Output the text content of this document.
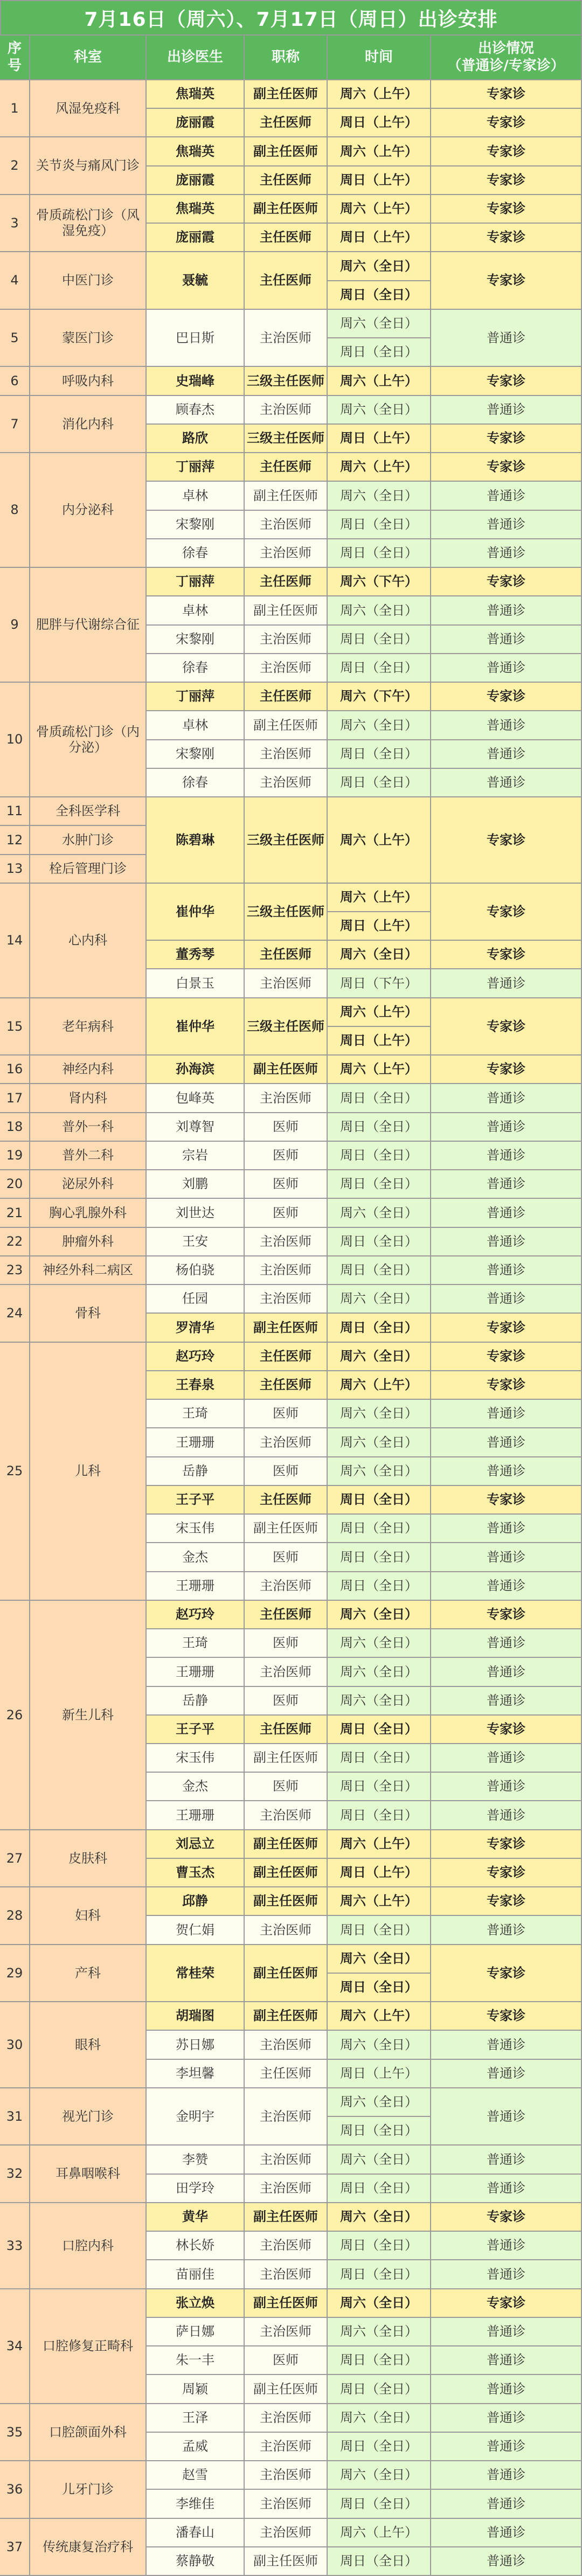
7月16日（周六）、7月17日（周日）出诊安排
序号
科室	出诊医生	职称	时间
出诊情况
（普通诊/专家诊）
1	风湿免疫科
焦瑞英	副主任医师	周六（上午）	专家诊
庞丽霞	主任医师	周日（上午）	专家诊
2	关节炎与痛风门诊
焦瑞英	副主任医师	周六（上午）	专家诊
庞丽霞	主任医师	周日（上午）	专家诊
3
骨质疏松门诊（风湿免疫）
焦瑞英	副主任医师	周六（上午）	专家诊
庞丽霞	主任医师	周日（上午）	专家诊
4	中医门诊	聂毓	主任医师
周六（全日）
专家诊
周日（全日）
5	蒙医门诊	巴日斯	主治医师
周六（全日）
普通诊
周日（全日）
6	呼吸内科	史瑞峰	三级主任医师	周六（上午）	专家诊
7	消化内科
顾春杰	主治医师	周六（全日）	普通诊
路欣	三级主任医师	周日（上午）	专家诊
8	内分泌科
丁丽萍	主任医师	周六（上午）	专家诊
卓林	副主任医师	周六（全日）	普通诊
宋黎刚	主治医师	周日（全日）	普通诊
徐春	主治医师	周日（全日）	普通诊
9	肥胖与代谢综合征
丁丽萍	主任医师	周六（下午）	专家诊
卓林	副主任医师	周六（全日）	普通诊
宋黎刚	主治医师	周日（全日）	普通诊
徐春	主治医师	周日（全日）	普通诊
10
骨质疏松门诊（内分泌）
丁丽萍	主任医师	周六（下午）	专家诊
卓林	副主任医师	周六（全日）	普通诊
宋黎刚	主治医师	周日（全日）	普通诊
徐春	主治医师	周日（全日）	普通诊
11	全科医学科
12	水肿门诊
13	栓后管理门诊
陈碧琳	三级主任医师	周六（上午）	专家诊
14	心内科
崔仲华	三级主任医师
周六（上午）
专家诊
周日（上午）
董秀琴	主任医师	周六（全日）	专家诊
白景玉	主治医师	周日（下午）	普通诊
15	老年病科	崔仲华	三级主任医师
周六（上午）
专家诊
周日（上午）
16	神经内科	孙海滨	副主任医师	周六（上午）	专家诊
17	肾内科	包峰英	主治医师	周日（全日）	普通诊
18	普外一科	刘尊智	医师	周日（全日）	普通诊
19	普外二科	宗岩	医师	周日（全日）	普通诊
20	泌尿外科	刘鹏	医师	周日（全日）	普通诊
21	胸心乳腺外科	刘世达	医师	周六（全日）	普通诊
22	肿瘤外科	王安	主治医师	周日（全日）	普通诊
23	神经外科二病区	杨伯骁	主治医师	周日（全日）	普通诊
24	骨科
任园	主治医师	周六（全日）	普通诊
罗清华	副主任医师	周日（全日）	专家诊
25	儿科
赵巧玲	主任医师	周六（全日）	专家诊
王春泉	主任医师	周六（上午）	专家诊
王琦	医师	周六（全日）	普通诊
王珊珊	主治医师	周六（全日）	普通诊
岳静	医师	周六（全日）	普通诊
王子平	主任医师	周日（全日）	专家诊
宋玉伟	副主任医师	周日（全日）	普通诊
金杰	医师	周日（全日）	普通诊
王珊珊	主治医师	周日（全日）	普通诊
26	新生儿科
赵巧玲	主任医师	周六（全日）	专家诊
王琦	医师	周六（全日）	普通诊
王珊珊	主治医师	周六（全日）	普通诊
岳静	医师	周六（全日）	普通诊
王子平	主任医师	周日（全日）	专家诊
宋玉伟	副主任医师	周日（全日）	普通诊
金杰	医师	周日（全日）	普通诊
王珊珊	主治医师	周日（全日）	普通诊
27	皮肤科
刘忌立	副主任医师	周六（上午）	专家诊
曹玉杰	副主任医师	周日（上午）	专家诊
28	妇科
邱静	副主任医师	周六（上午）	专家诊
贺仁娟	主治医师	周日（全日）	普通诊
29	产科	常桂荣	副主任医师
周六（全日）
专家诊
周日（全日）
30	眼科
胡瑞图	副主任医师	周六（上午）	专家诊
苏日娜	主治医师	周六（全日）	普通诊
李坦馨	主任医师	周日（上午）	普通诊
31	视光门诊	金明宇	主治医师
周六（全日）
普通诊
周日（全日）
32	耳鼻咽喉科
李赞	主治医师	周六（全日）	普通诊
田学玲	主治医师	周日（全日）	普通诊
33	口腔内科
黄华	副主任医师	周六（全日）	专家诊
林长娇	主治医师	周日（全日）	普通诊
苗丽佳	主治医师	周日（全日）	普通诊
34	口腔修复正畸科
张立焕	副主任医师	周六（全日）	专家诊
萨日娜	主治医师	周六（全日）	普通诊
朱一丰	医师	周日（全日）	普通诊
周颖	副主任医师	周日（全日）	普通诊
35	口腔颌面外科
王泽	主治医师	周六（全日）	普通诊
孟威	主治医师	周日（全日）	普通诊
36	儿牙门诊
赵雪	主治医师	周六（全日）	普通诊
李维佳	主治医师	周日（全日）	普通诊
37	传统康复治疗科
潘春山	主治医师	周六（上午）	普通诊
蔡静敬	副主任医师	周日（全日）	普通诊
